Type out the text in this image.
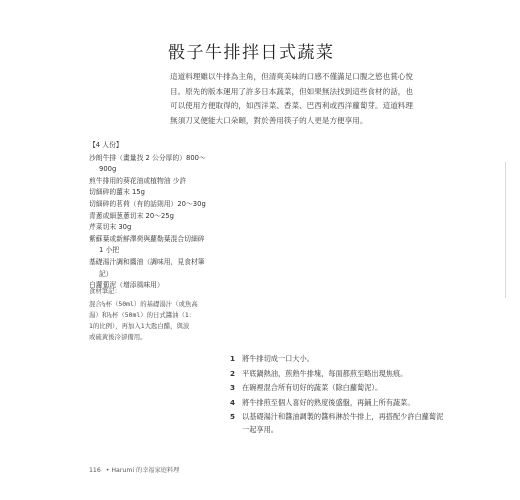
骰子牛排拌日式蔬菜
這道料理雖以牛排為主角，但清爽美味的口感不僅滿足口腹之慾也賞心悅
目。原先的版本運用了許多日本蔬菜，但如果無法找到這些食材的話，也
可以使用方便取得的，如西洋菜、香菜、巴西利或西洋蘿蔔芽。這道料理
無須刀叉便能大口朵頤，對於善用筷子的人更是方便享用。
【4 人份】
沙朗牛排（畫量找 2 公分厚的）800～
900g
煎牛排用的葵花油或植物油 少許
切細碎的薑末 15g
切細碎的茗荷（有的話則用）20～30g
青蔥或細葱蔥切末 20～25g
芹菜切末 30g
紫蘇葉或新鮮澤荷與蘿勒葉混合切細碎
1 小把
基礎湯汁調和醬油（調味用，見食材筆
記）
白蘿蔔泥（增添風味用）
食材筆記：
混合¼杯（50ml）的基礎湯汁（或魚高
湯）和¼杯（50ml）的日式醬油（1：
1的比例），再加入1大匙白醋，與波
或硫黃後冷卻備用。
1 將牛排切成一口大小。
2 平底鍋熱油，煎熟牛排塊，每面都煎至略出現焦痕。
3 在碗裡混合所有切好的蔬菜（除白蘿蔔泥）。
4 將牛排煎至個人喜好的熟度後盛盤，再鋪上所有蔬菜。
5 以基礎湯汁和醬油調製的醬料淋於牛排上，再搭配少許白蘿蔔泥一起享用。
116 • Harumi 的幸福家庭料理
